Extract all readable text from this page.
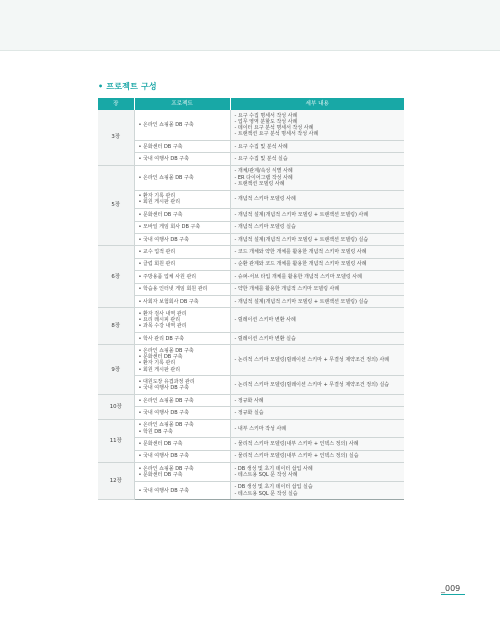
• 프로젝트 구성
장	프로젝트	세부 내용
3장	• 온라인 쇼핑몰 DB 구축	- 요구 수집 명세서 작성 사례
- 업무 영역 분할도 작성 사례
- 데이터 요구 분석 명세서 작성 사례
- 트랜잭션 요구 분석 명세서 작성 사례

	• 문화센터 DB 구축	- 요구 수집 및 분석 사례

	• 국내 여행사 DB 구축	- 요구 수집 및 분석 실습

5장	• 온라인 쇼핑몰 DB 구축	- 개체/관계/속성 식별 사례
- ER 다이어그램 작성 사례
- 트랜잭션 모델링 사례

	• 환자 기록 관리
• 회원 게시판 관리	- 개념적 스키마 모델링 사례

	• 문화센터 DB 구축	- 개념적 설계(개념적 스키마 모델링 + 트랜잭션 모델링) 사례

	• 모바일 게임 회사 DB 구축	- 개념적 스키마 모델링 실습

	• 국내 여행사 DB 구축	- 개념적 설계(개념적 스키마 모델링 + 트랜잭션 모델링) 실습

6장	• 교수 업적 관리	- 코드 개체와 약한 개체를 활용한 개념적 스키마 모델링 사례

	• 클럽 회원 관리	- 순환 관계와 코드 개체를 활용한 개념적 스키마 모델링 사례

	• 주방용품 업체 사원 관리	- 슈퍼-서브 타입 개체를 활용한 개념적 스키마 모델링 사례

	• 학습용 인터넷 게임 회원 관리	- 약한 개체를 활용한 개념적 스키마 모델링 사례

	• 사회자 보험회사 DB 구축	- 개념적 설계(개념적 스키마 모델링 + 트랜잭션 모델링) 실습

8장	• 환자 검사 내역 관리
• 요리 레시피 관리
• 과목 수강 내역 관리	- 릴레이션 스키마 변환 사례

	• 학사 관리 DB 구축	- 릴레이션 스키마 변환 실습

9장	• 온라인 쇼핑몰 DB 구축
• 문화센터 DB 구축
• 환자 기록 관리
• 회원 게시판 관리	- 논리적 스키마 모델링(릴레이션 스키마 + 무결성 제약조건 정의) 사례

	• 대원도장 유겹과정 관리
• 국내 여행사 DB 구축	- 논리적 스키마 모델링(릴레이션 스키마 + 무결성 제약조건 정의) 실습

10장	• 온라인 쇼핑몰 DB 구축	- 정규화 사례

	• 국내 여행사 DB 구축	- 정규화 실습

11장	• 온라인 쇼핑몰 DB 구축
• 학원 DB 구축	- 내부 스키마 작성 사례

	• 문화센터 DB 구축	- 물리적 스키마 모델링(내부 스키마 + 인덱스 정의) 사례

	• 국내 여행사 DB 구축	- 물리적 스키마 모델링(내부 스키마 + 인덱스 정의) 실습

12장	• 온라인 쇼핑몰 DB 구축
• 문화센터 DB 구축	- DB 생성 및 초기 데이터 삽입 사례
- 테스트용 SQL 문 작성 사례

	• 국내 여행사 DB 구축	- DB 생성 및 초기 데이터 삽입 실습
- 테스트용 SQL 문 작성 실습
_009
